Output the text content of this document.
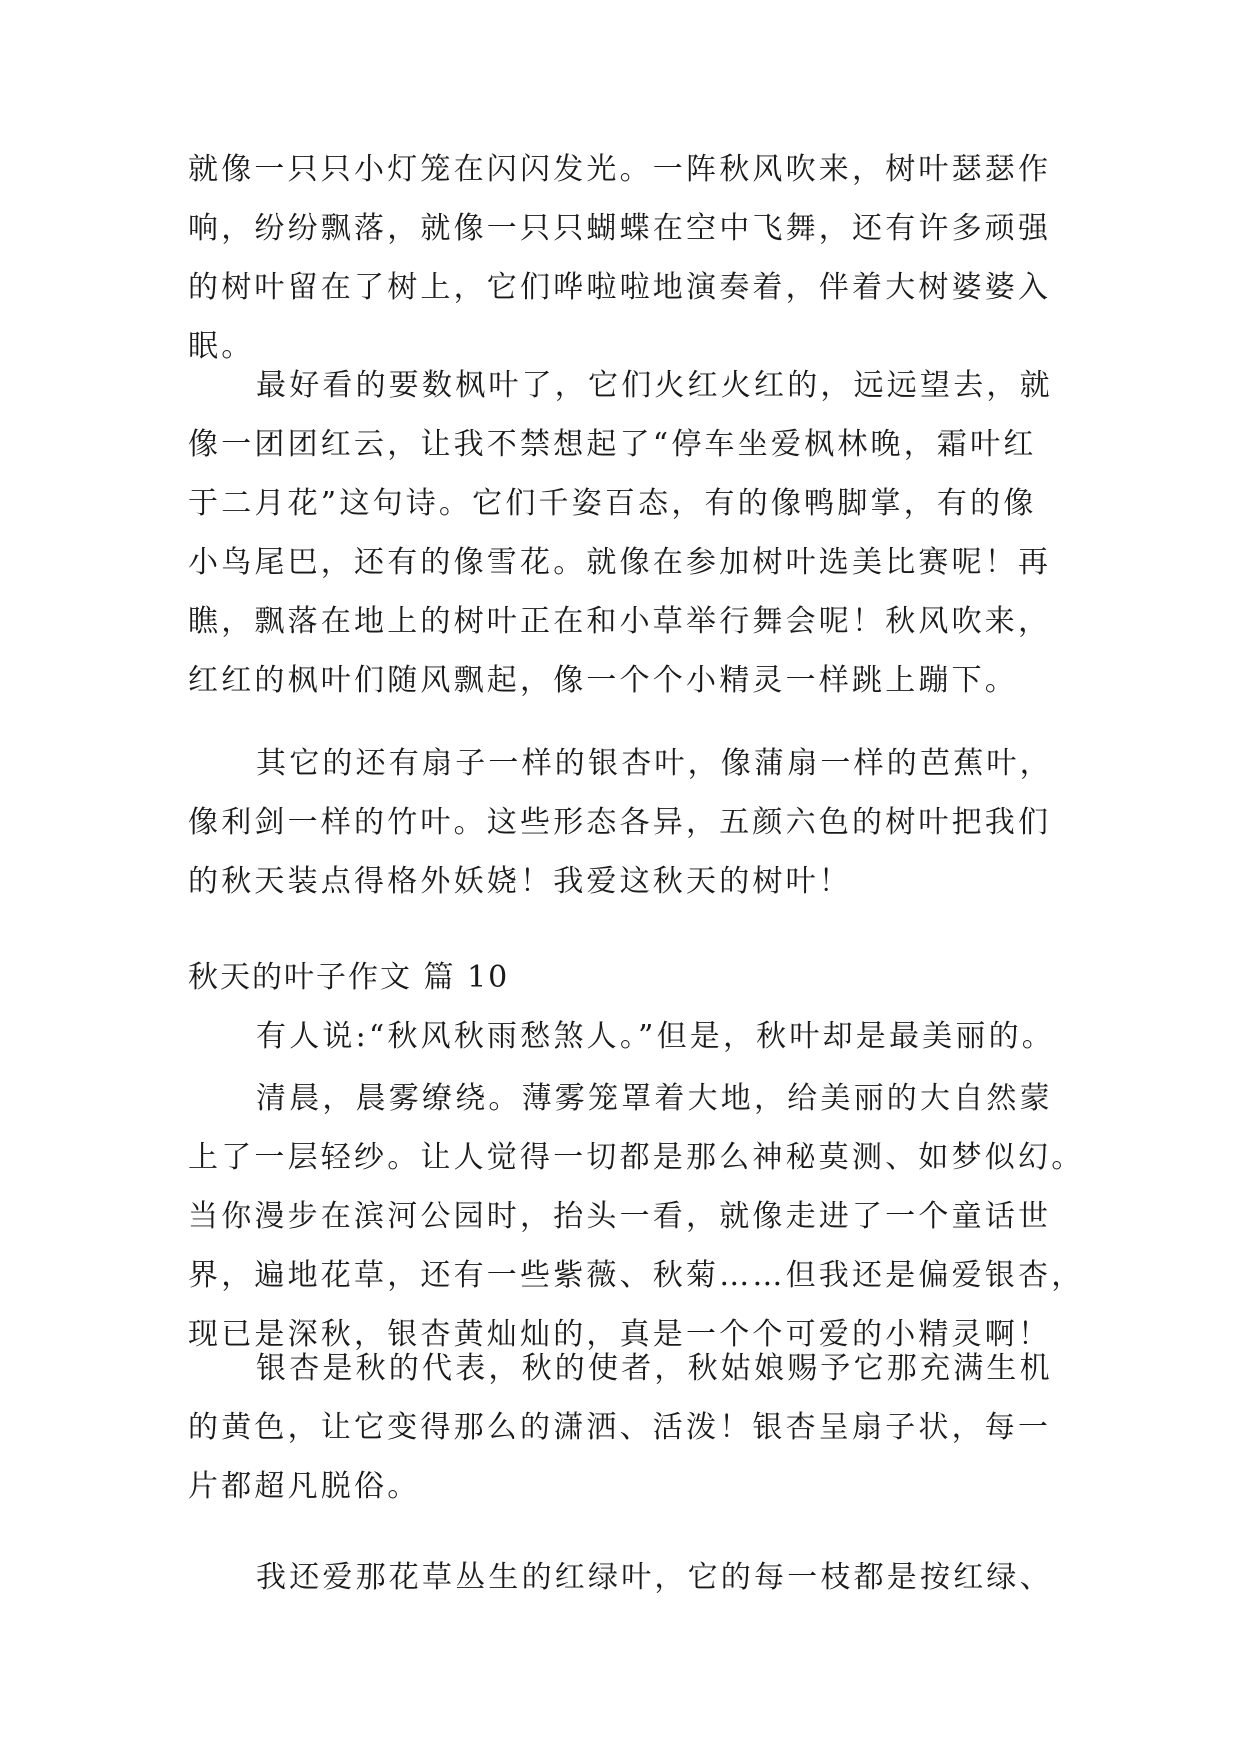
就像一只只小灯笼在闪闪发光。一阵秋风吹来，树叶瑟瑟作
响，纷纷飘落，就像一只只蝴蝶在空中飞舞，还有许多顽强
的树叶留在了树上，它们哗啦啦地演奏着，伴着大树婆婆入
眠。
最好看的要数枫叶了，它们火红火红的，远远望去，就
像一团团红云，让我不禁想起了“停车坐爱枫林晚，霜叶红
于二月花”这句诗。它们千姿百态，有的像鸭脚掌，有的像
小鸟尾巴，还有的像雪花。就像在参加树叶选美比赛呢！再
瞧，飘落在地上的树叶正在和小草举行舞会呢！秋风吹来，
红红的枫叶们随风飘起，像一个个小精灵一样跳上蹦下。
其它的还有扇子一样的银杏叶，像蒲扇一样的芭蕉叶，
像利剑一样的竹叶。这些形态各异，五颜六色的树叶把我们
的秋天装点得格外妖娆！我爱这秋天的树叶！
秋天的叶子作文 篇 10
有人说:“秋风秋雨愁煞人。”但是，秋叶却是最美丽的。
清晨，晨雾缭绕。薄雾笼罩着大地，给美丽的大自然蒙
上了一层轻纱。让人觉得一切都是那么神秘莫测、如梦似幻。
当你漫步在滨河公园时，抬头一看，就像走进了一个童话世
界，遍地花草，还有一些紫薇、秋菊……但我还是偏爱银杏，
现已是深秋，银杏黄灿灿的，真是一个个可爱的小精灵啊！
银杏是秋的代表，秋的使者，秋姑娘赐予它那充满生机
的黄色，让它变得那么的潇洒、活泼！银杏呈扇子状，每一
片都超凡脱俗。
我还爱那花草丛生的红绿叶，它的每一枝都是按红绿、
